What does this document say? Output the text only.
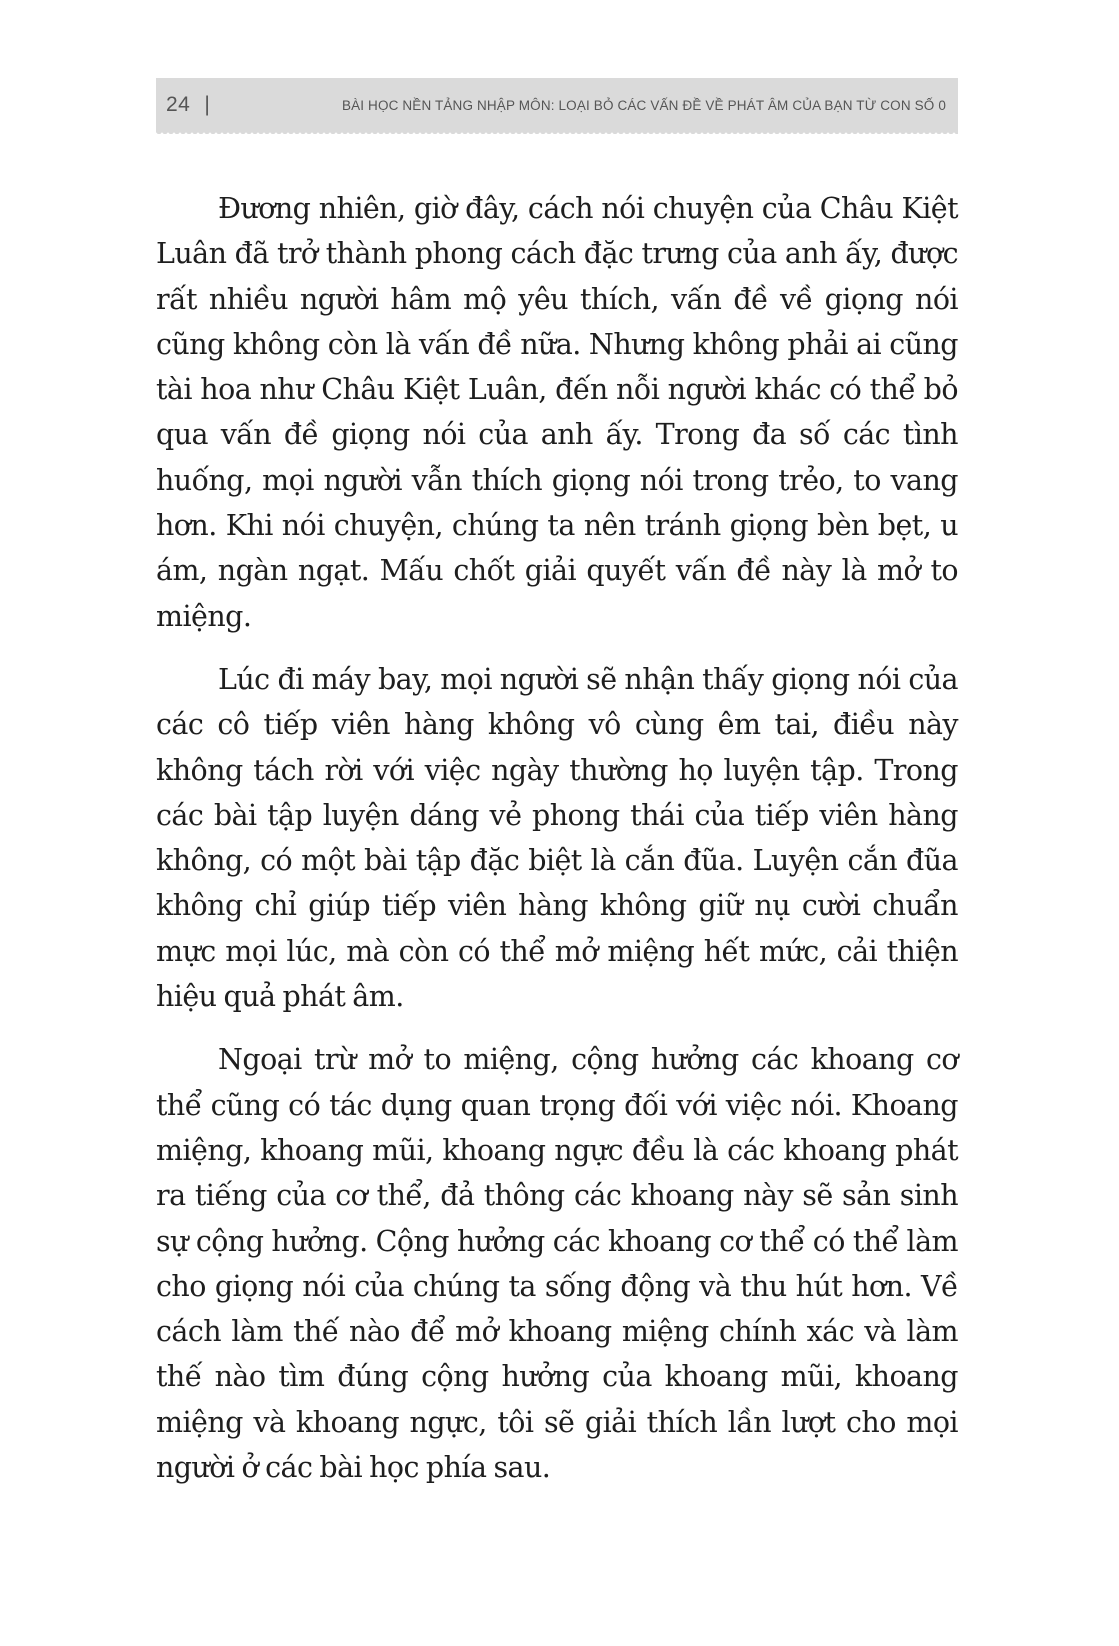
24 |	BÀI HỌC NỀN TẢNG NHẬP MÔN: LOẠI BỎ CÁC VẤN ĐỀ VỀ PHÁT ÂM CỦA BẠN TỪ CON SỐ 0

Đương nhiên, giờ đây, cách nói chuyện của Châu Kiệt Luân đã trở thành phong cách đặc trưng của anh ấy, được rất nhiều người hâm mộ yêu thích, vấn đề về giọng nói cũng không còn là vấn đề nữa. Nhưng không phải ai cũng tài hoa như Châu Kiệt Luân, đến nỗi người khác có thể bỏ qua vấn đề giọng nói của anh ấy. Trong đa số các tình huống, mọi người vẫn thích giọng nói trong trẻo, to vang hơn. Khi nói chuyện, chúng ta nên tránh giọng bèn bẹt, u ám, ngàn ngạt. Mấu chốt giải quyết vấn đề này là mở to miệng.

Lúc đi máy bay, mọi người sẽ nhận thấy giọng nói của các cô tiếp viên hàng không vô cùng êm tai, điều này không tách rời với việc ngày thường họ luyện tập. Trong các bài tập luyện dáng vẻ phong thái của tiếp viên hàng không, có một bài tập đặc biệt là cắn đũa. Luyện cắn đũa không chỉ giúp tiếp viên hàng không giữ nụ cười chuẩn mực mọi lúc, mà còn có thể mở miệng hết mức, cải thiện hiệu quả phát âm.

Ngoại trừ mở to miệng, cộng hưởng các khoang cơ thể cũng có tác dụng quan trọng đối với việc nói. Khoang miệng, khoang mũi, khoang ngực đều là các khoang phát ra tiếng của cơ thể, đả thông các khoang này sẽ sản sinh sự cộng hưởng. Cộng hưởng các khoang cơ thể có thể làm cho giọng nói của chúng ta sống động và thu hút hơn. Về cách làm thế nào để mở khoang miệng chính xác và làm thế nào tìm đúng cộng hưởng của khoang mũi, khoang miệng và khoang ngực, tôi sẽ giải thích lần lượt cho mọi người ở các bài học phía sau.
